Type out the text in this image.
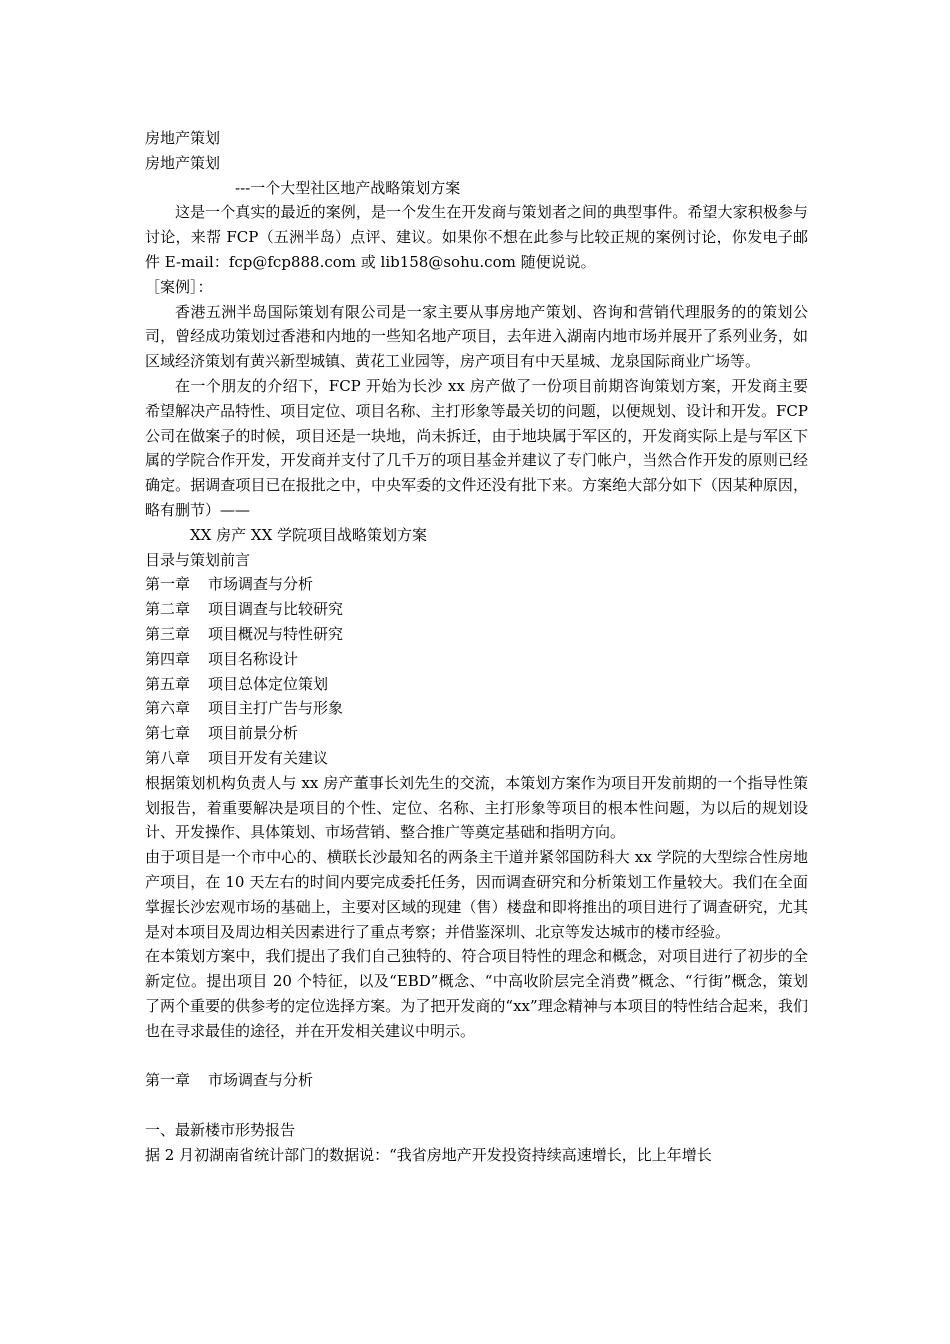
房地产策划

房地产策划

---一个大型社区地产战略策划方案

这是一个真实的最近的案例，是一个发生在开发商与策划者之间的典型事件。希望大家积极参与讨论，来帮 FCP（五洲半岛）点评、建议。如果你不想在此参与比较正规的案例讨论，你发电子邮件 E-mail：fcp@fcp888.com 或 lib158@sohu.com 随便说说。

［案例］：

香港五洲半岛国际策划有限公司是一家主要从事房地产策划、咨询和营销代理服务的的策划公司，曾经成功策划过香港和内地的一些知名地产项目，去年进入湖南内地市场并展开了系列业务，如区域经济策划有黄兴新型城镇、黄花工业园等，房产项目有中天星城、龙泉国际商业广场等。

在一个朋友的介绍下，FCP 开始为长沙 xx 房产做了一份项目前期咨询策划方案，开发商主要希望解决产品特性、项目定位、项目名称、主打形象等最关切的问题，以便规划、设计和开发。FCP 公司在做案子的时候，项目还是一块地，尚未拆迁，由于地块属于军区的，开发商实际上是与军区下属的学院合作开发，开发商并支付了几千万的项目基金并建议了专门帐户，当然合作开发的原则已经确定。据调查项目已在报批之中，中央军委的文件还没有批下来。方案绝大部分如下（因某种原因，略有删节）——

XX 房产 XX 学院项目战略策划方案

目录与策划前言

第一章 市场调查与分析

第二章 项目调查与比较研究

第三章 项目概况与特性研究

第四章 项目名称设计

第五章 项目总体定位策划

第六章 项目主打广告与形象

第七章 项目前景分析

第八章 项目开发有关建议

根据策划机构负责人与 xx 房产董事长刘先生的交流，本策划方案作为项目开发前期的一个指导性策划报告，着重要解决是项目的个性、定位、名称、主打形象等项目的根本性问题，为以后的规划设计、开发操作、具体策划、市场营销、整合推广等奠定基础和指明方向。

由于项目是一个市中心的、横联长沙最知名的两条主干道并紧邻国防科大 xx 学院的大型综合性房地产项目，在 10 天左右的时间内要完成委托任务，因而调查研究和分析策划工作量较大。我们在全面掌握长沙宏观市场的基础上，主要对区域的现建（售）楼盘和即将推出的项目进行了调查研究，尤其是对本项目及周边相关因素进行了重点考察；并借鉴深圳、北京等发达城市的楼市经验。

在本策划方案中，我们提出了我们自己独特的、符合项目特性的理念和概念，对项目进行了初步的全新定位。提出项目 20 个特征，以及“EBD”概念、“中高收阶层完全消费”概念、“行街”概念，策划了两个重要的供参考的定位选择方案。为了把开发商的“xx”理念精神与本项目的特性结合起来，我们也在寻求最佳的途径，并在开发相关建议中明示。

第一章 市场调查与分析

一、最新楼市形势报告

据 2 月初湖南省统计部门的数据说：“我省房地产开发投资持续高速增长，比上年增长
